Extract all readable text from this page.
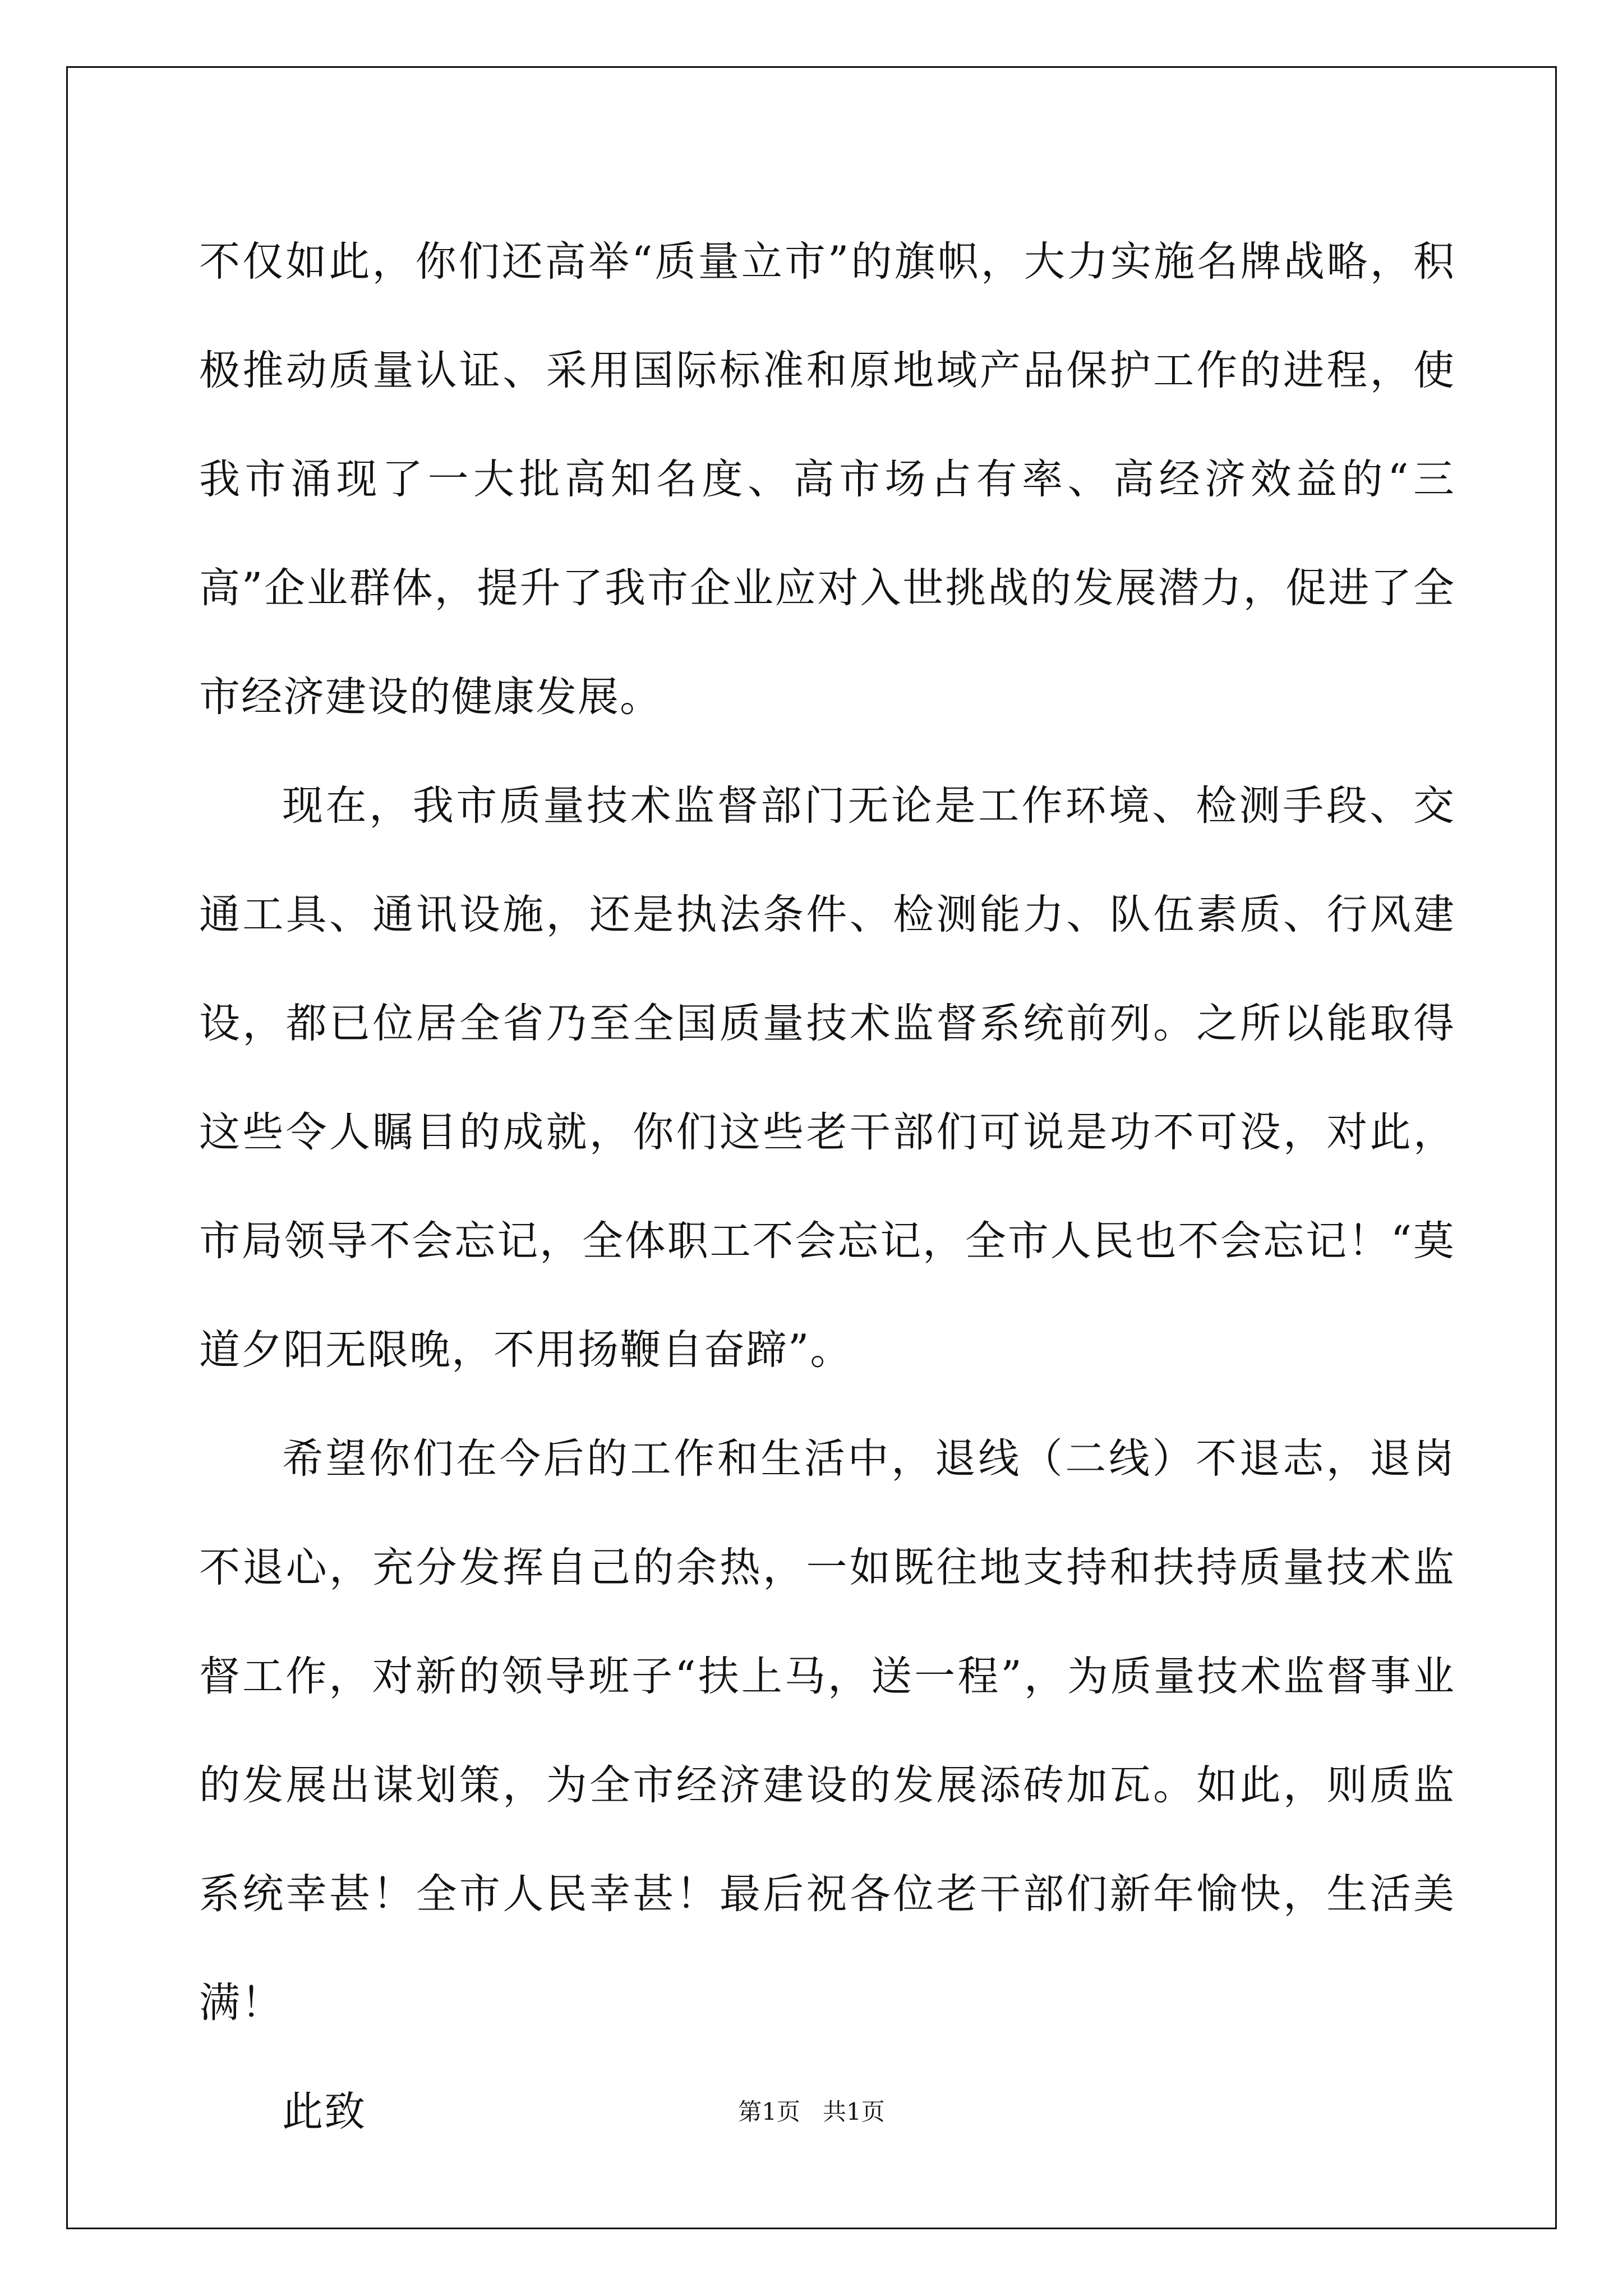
不仅如此，你们还高举“质量立市”的旗帜，大力实施名牌战略，积极推动质量认证、采用国际标准和原地域产品保护工作的进程，使我市涌现了一大批高知名度、高市场占有率、高经济效益的“三高”企业群体，提升了我市企业应对入世挑战的发展潜力，促进了全市经济建设的健康发展。

现在，我市质量技术监督部门无论是工作环境、检测手段、交通工具、通讯设施，还是执法条件、检测能力、队伍素质、行风建设，都已位居全省乃至全国质量技术监督系统前列。之所以能取得这些令人瞩目的成就，你们这些老干部们可说是功不可没，对此，市局领导不会忘记，全体职工不会忘记，全市人民也不会忘记！“莫道夕阳无限晚，不用扬鞭自奋蹄”。

希望你们在今后的工作和生活中，退线（二线）不退志，退岗不退心，充分发挥自己的余热，一如既往地支持和扶持质量技术监督工作，对新的领导班子“扶上马，送一程”，为质量技术监督事业的发展出谋划策，为全市经济建设的发展添砖加瓦。如此，则质监系统幸甚！全市人民幸甚！最后祝各位老干部们新年愉快，生活美满！

此致	第1页 共1页
